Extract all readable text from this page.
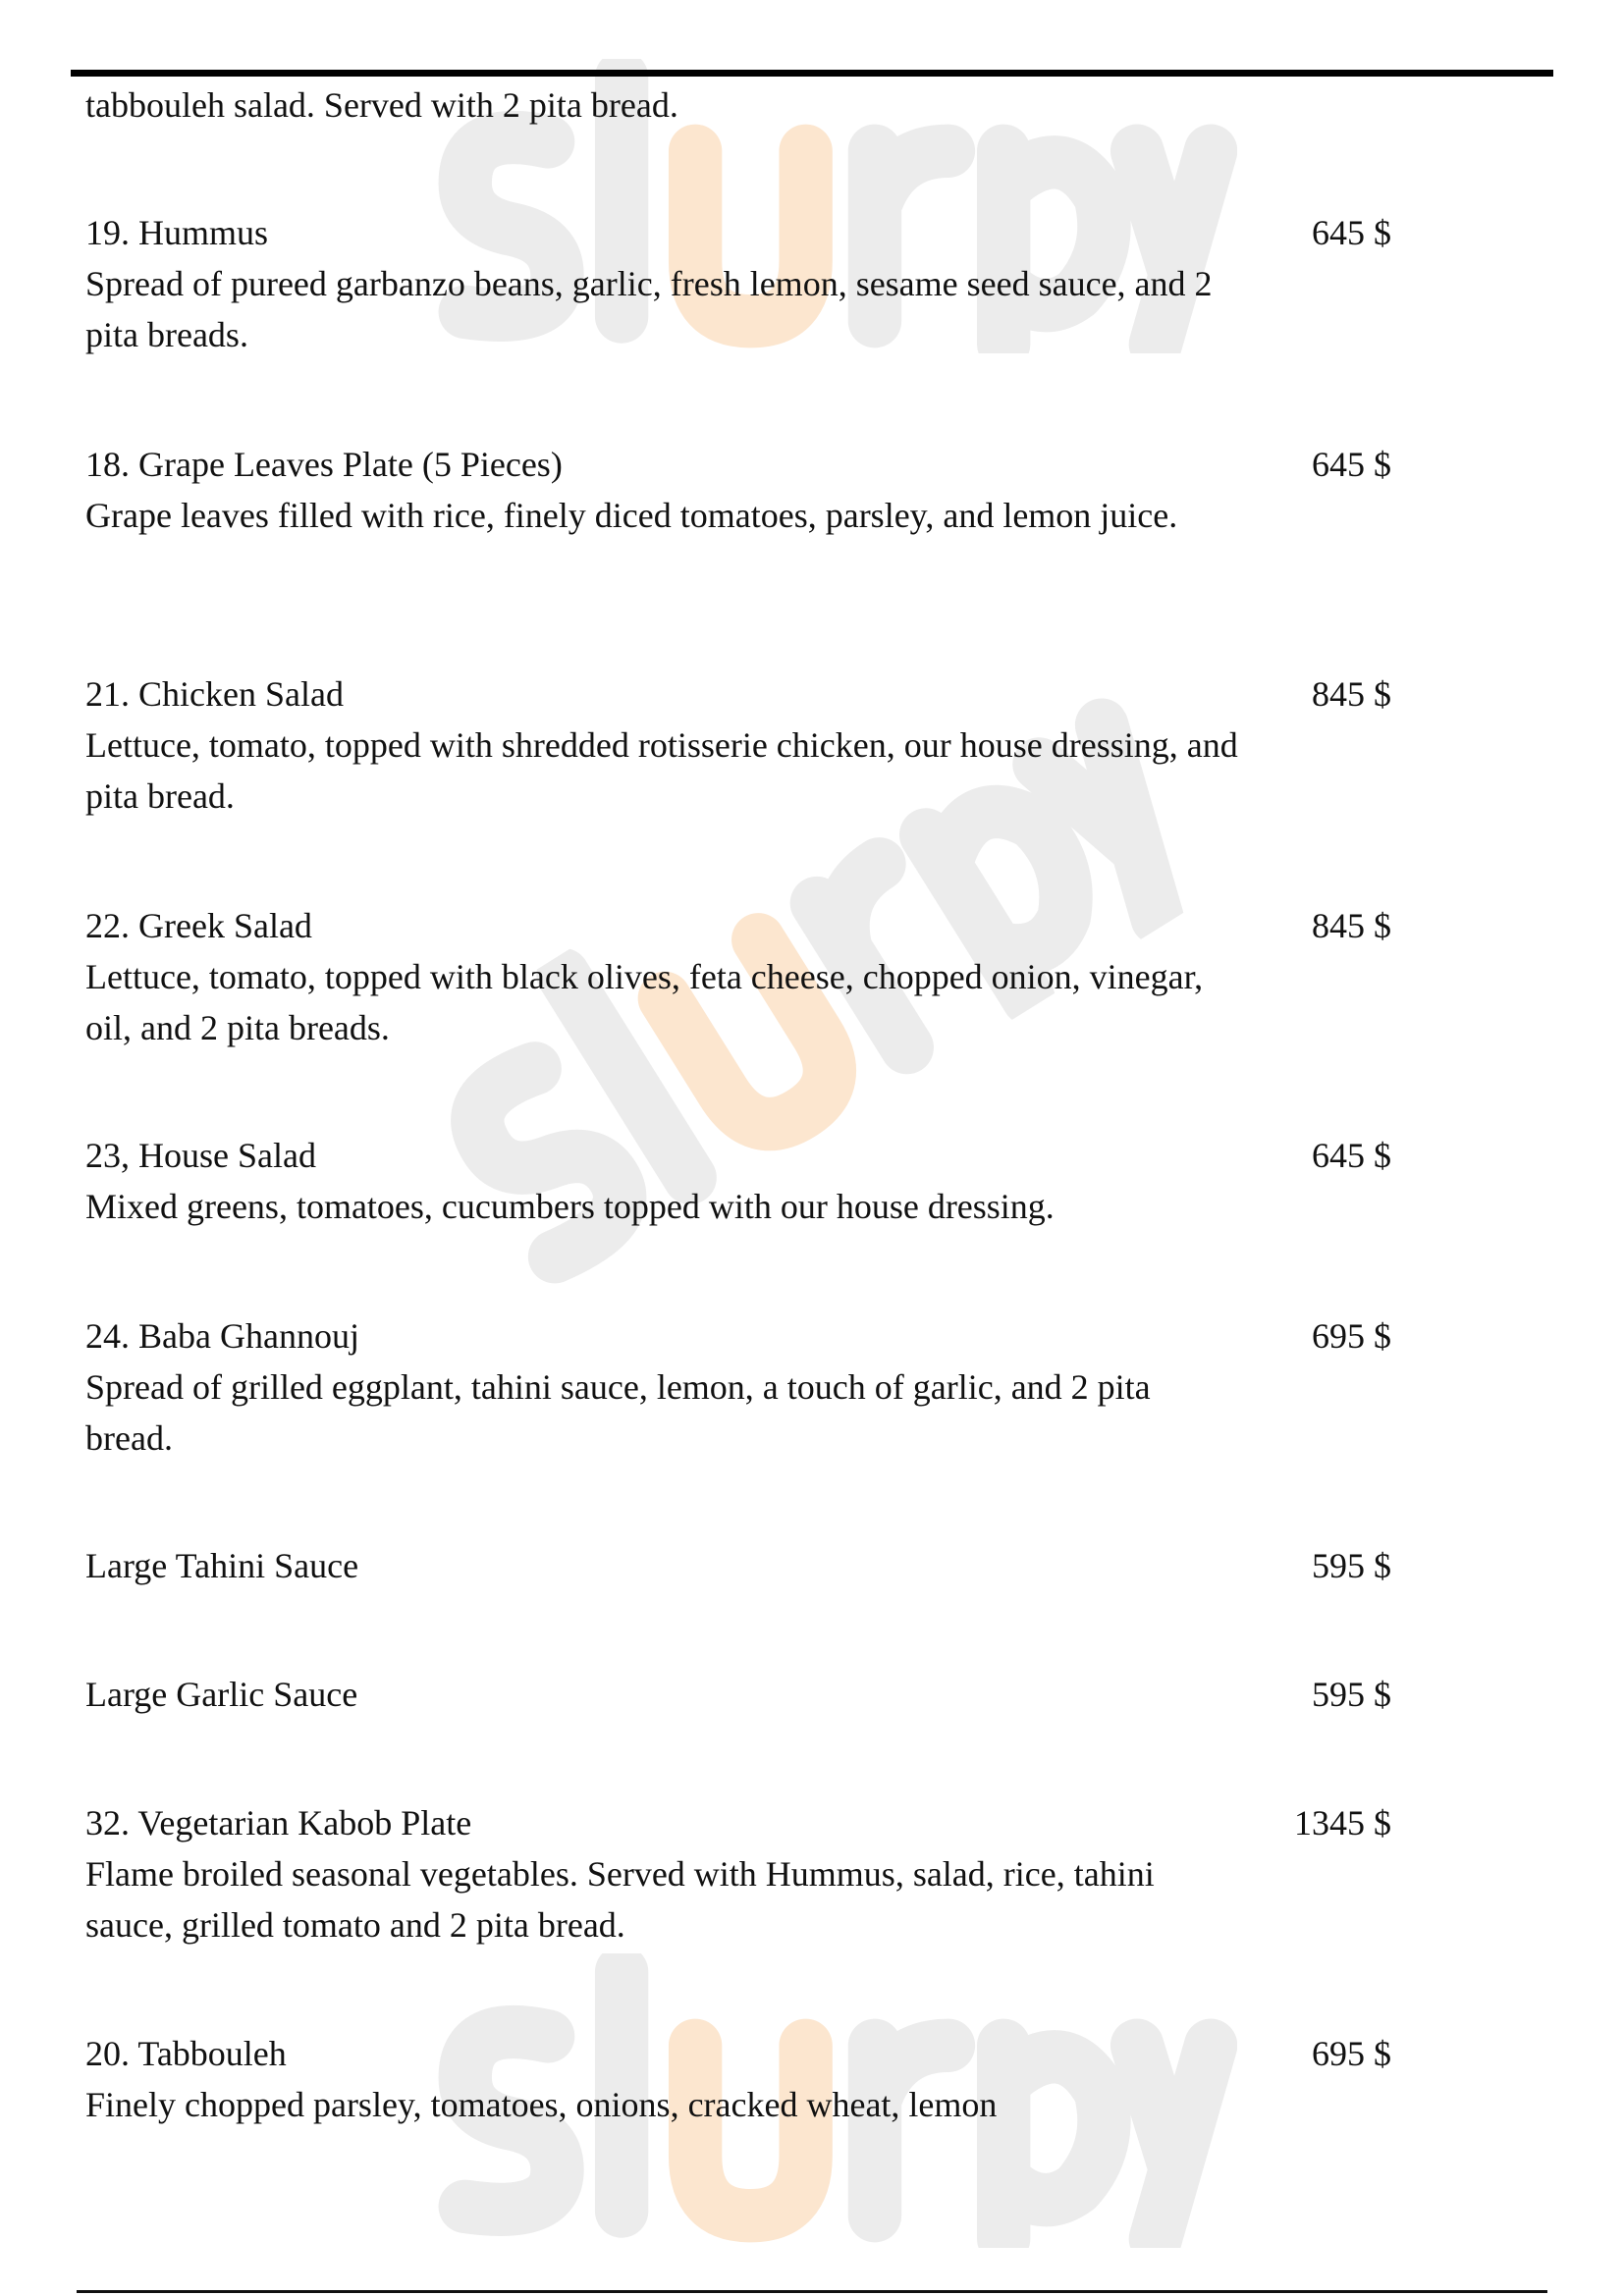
tabbouleh salad. Served with 2 pita bread.
19. Hummus	645 $
Spread of pureed garbanzo beans, garlic, fresh lemon, sesame seed sauce, and 2 pita breads.
18. Grape Leaves Plate (5 Pieces)	645 $
Grape leaves filled with rice, finely diced tomatoes, parsley, and lemon juice.
21. Chicken Salad	845 $
Lettuce, tomato, topped with shredded rotisserie chicken, our house dressing, and pita bread.
22. Greek Salad	845 $
Lettuce, tomato, topped with black olives, feta cheese, chopped onion, vinegar, oil, and 2 pita breads.
23, House Salad	645 $
Mixed greens, tomatoes, cucumbers topped with our house dressing.
24. Baba Ghannouj	695 $
Spread of grilled eggplant, tahini sauce, lemon, a touch of garlic, and 2 pita bread.
Large Tahini Sauce	595 $
Large Garlic Sauce	595 $
32. Vegetarian Kabob Plate	1345 $
Flame broiled seasonal vegetables. Served with Hummus, salad, rice, tahini sauce, grilled tomato and 2 pita bread.
20. Tabbouleh	695 $
Finely chopped parsley, tomatoes, onions, cracked wheat, lemon
